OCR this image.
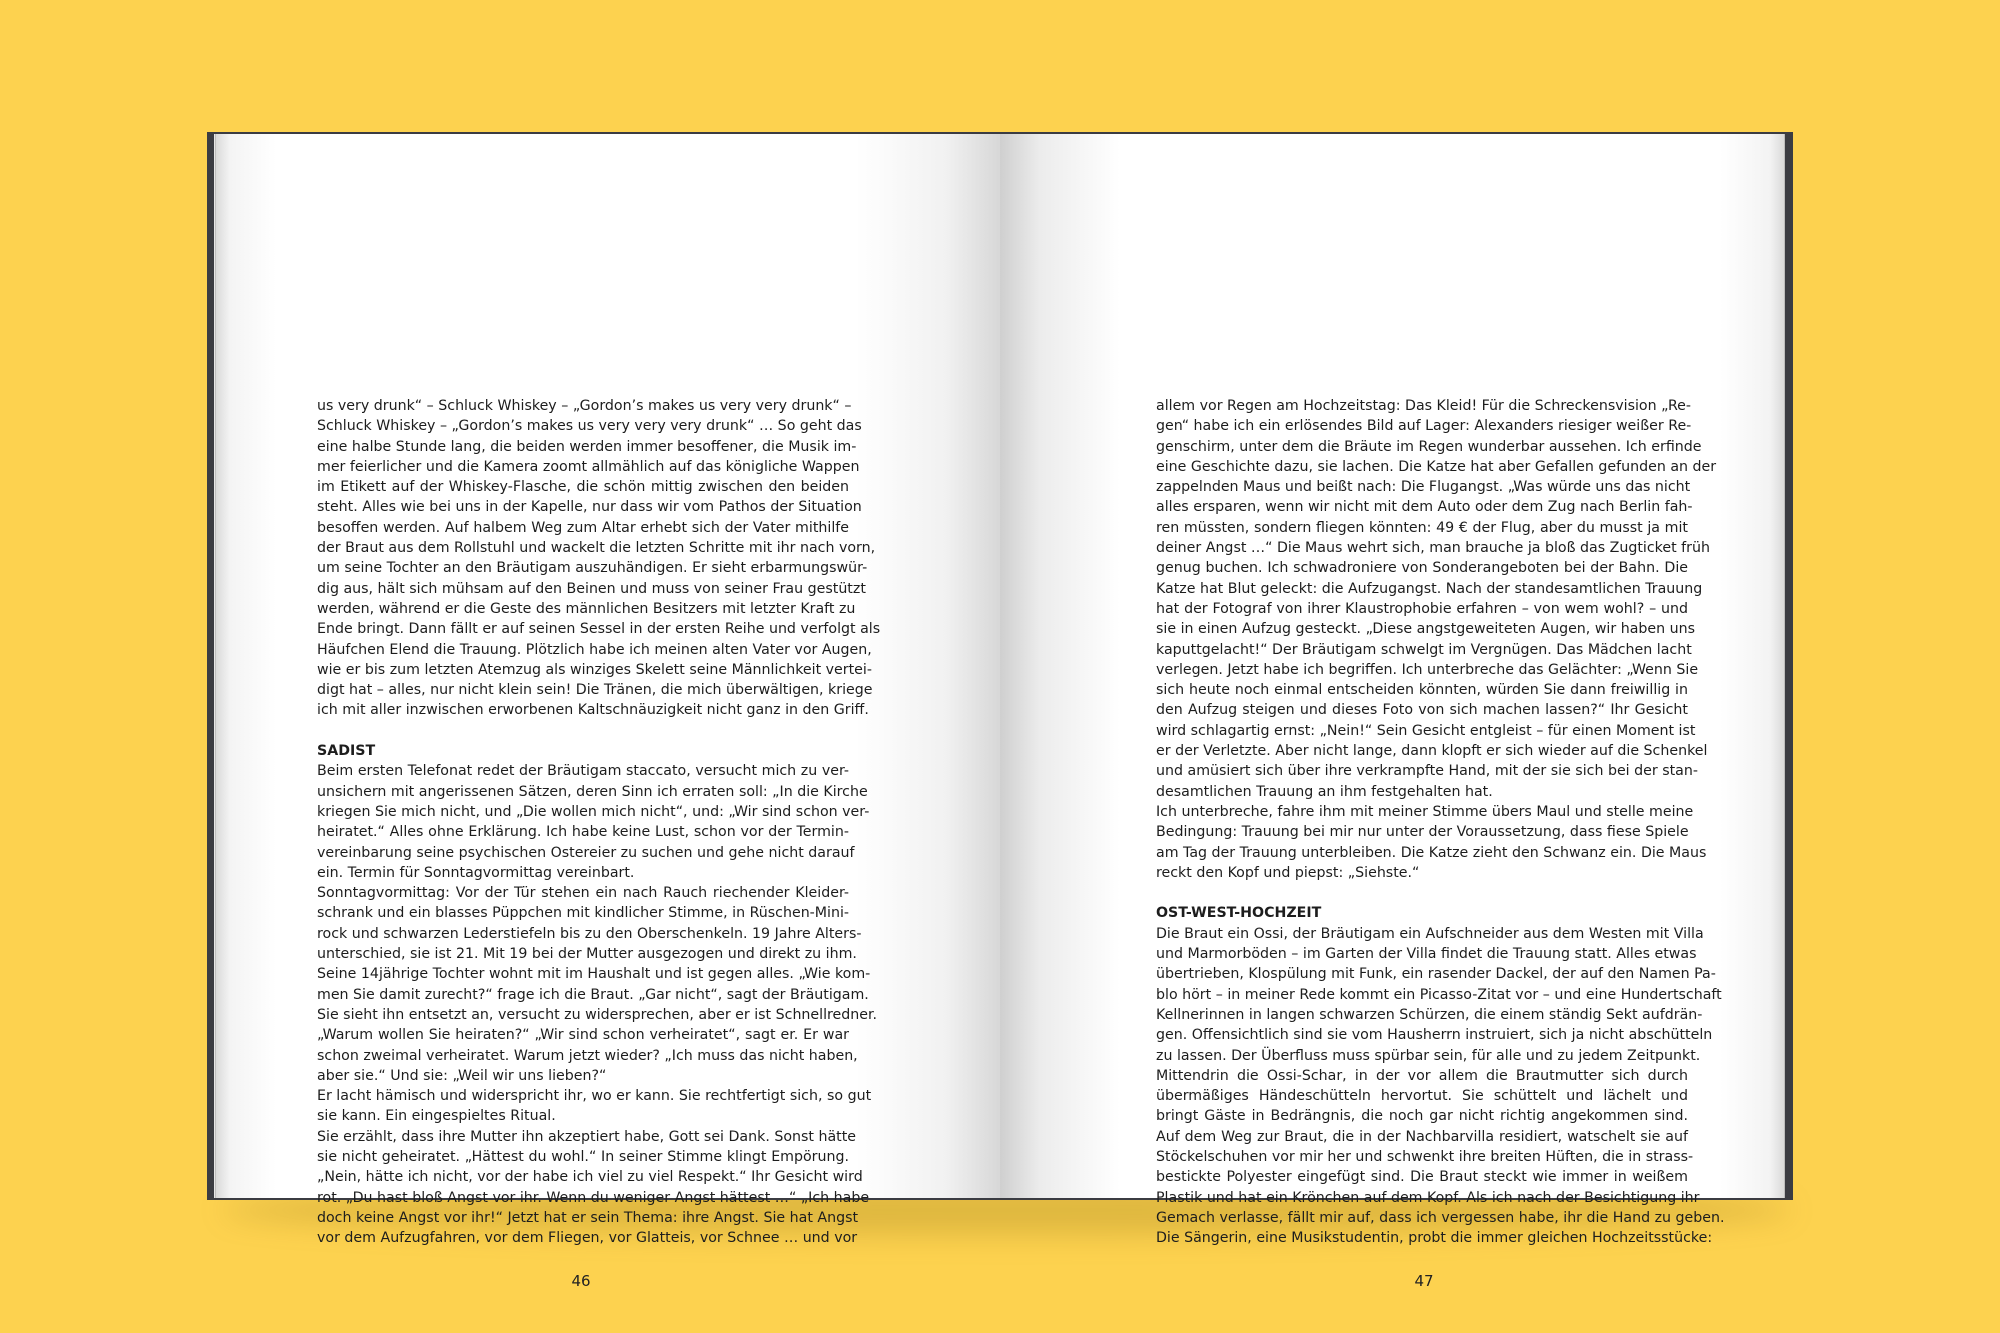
us very drunk“ – Schluck Whiskey – „Gordon’s makes us very very drunk“ –
Schluck Whiskey – „Gordon’s makes us very very very drunk“ … So geht das
eine halbe Stunde lang, die beiden werden immer besoffener, die Musik im-
mer feierlicher und die Kamera zoomt allmählich auf das königliche Wappen
im Etikett auf der Whiskey-Flasche, die schön mittig zwischen den beiden
steht. Alles wie bei uns in der Kapelle, nur dass wir vom Pathos der Situation
besoffen werden. Auf halbem Weg zum Altar erhebt sich der Vater mithilfe
der Braut aus dem Rollstuhl und wackelt die letzten Schritte mit ihr nach vorn,
um seine Tochter an den Bräutigam auszuhändigen. Er sieht erbarmungswür-
dig aus, hält sich mühsam auf den Beinen und muss von seiner Frau gestützt
werden, während er die Geste des männlichen Besitzers mit letzter Kraft zu
Ende bringt. Dann fällt er auf seinen Sessel in der ersten Reihe und verfolgt als
Häufchen Elend die Trauung. Plötzlich habe ich meinen alten Vater vor Augen,
wie er bis zum letzten Atemzug als winziges Skelett seine Männlichkeit vertei-
digt hat – alles, nur nicht klein sein! Die Tränen, die mich überwältigen, kriege
ich mit aller inzwischen erworbenen Kaltschnäuzigkeit nicht ganz in den Griff.
SADIST
Beim ersten Telefonat redet der Bräutigam staccato, versucht mich zu ver-
unsichern mit angerissenen Sätzen, deren Sinn ich erraten soll: „In die Kirche
kriegen Sie mich nicht, und „Die wollen mich nicht“, und: „Wir sind schon ver-
heiratet.“ Alles ohne Erklärung. Ich habe keine Lust, schon vor der Termin-
vereinbarung seine psychischen Ostereier zu suchen und gehe nicht darauf
ein. Termin für Sonntagvormittag vereinbart.
Sonntagvormittag: Vor der Tür stehen ein nach Rauch riechender Kleider-
schrank und ein blasses Püppchen mit kindlicher Stimme, in Rüschen-Mini-
rock und schwarzen Lederstiefeln bis zu den Oberschenkeln. 19 Jahre Alters-
unterschied, sie ist 21. Mit 19 bei der Mutter ausgezogen und direkt zu ihm.
Seine 14jährige Tochter wohnt mit im Haushalt und ist gegen alles. „Wie kom-
men Sie damit zurecht?“ frage ich die Braut. „Gar nicht“, sagt der Bräutigam.
Sie sieht ihn entsetzt an, versucht zu widersprechen, aber er ist Schnellredner.
„Warum wollen Sie heiraten?“ „Wir sind schon verheiratet“, sagt er. Er war
schon zweimal verheiratet. Warum jetzt wieder? „Ich muss das nicht haben,
aber sie.“ Und sie: „Weil wir uns lieben?“
Er lacht hämisch und widerspricht ihr, wo er kann. Sie rechtfertigt sich, so gut
sie kann. Ein eingespieltes Ritual.
Sie erzählt, dass ihre Mutter ihn akzeptiert habe, Gott sei Dank. Sonst hätte
sie nicht geheiratet. „Hättest du wohl.“ In seiner Stimme klingt Empörung.
„Nein, hätte ich nicht, vor der habe ich viel zu viel Respekt.“ Ihr Gesicht wird
rot. „Du hast bloß Angst vor ihr. Wenn du weniger Angst hättest …“ „Ich habe
doch keine Angst vor ihr!“ Jetzt hat er sein Thema: ihre Angst. Sie hat Angst
vor dem Aufzugfahren, vor dem Fliegen, vor Glatteis, vor Schnee … und vor
46
allem vor Regen am Hochzeitstag: Das Kleid! Für die Schreckensvision „Re-
gen“ habe ich ein erlösendes Bild auf Lager: Alexanders riesiger weißer Re-
genschirm, unter dem die Bräute im Regen wunderbar aussehen. Ich erfinde
eine Geschichte dazu, sie lachen. Die Katze hat aber Gefallen gefunden an der
zappelnden Maus und beißt nach: Die Flugangst. „Was würde uns das nicht
alles ersparen, wenn wir nicht mit dem Auto oder dem Zug nach Berlin fah-
ren müssten, sondern fliegen könnten: 49 € der Flug, aber du musst ja mit
deiner Angst …“ Die Maus wehrt sich, man brauche ja bloß das Zugticket früh
genug buchen. Ich schwadroniere von Sonderangeboten bei der Bahn. Die
Katze hat Blut geleckt: die Aufzugangst. Nach der standesamtlichen Trauung
hat der Fotograf von ihrer Klaustrophobie erfahren – von wem wohl? – und
sie in einen Aufzug gesteckt. „Diese angstgeweiteten Augen, wir haben uns
kaputtgelacht!“ Der Bräutigam schwelgt im Vergnügen. Das Mädchen lacht
verlegen. Jetzt habe ich begriffen. Ich unterbreche das Gelächter: „Wenn Sie
sich heute noch einmal entscheiden könnten, würden Sie dann freiwillig in
den Aufzug steigen und dieses Foto von sich machen lassen?“ Ihr Gesicht
wird schlagartig ernst: „Nein!“ Sein Gesicht entgleist – für einen Moment ist
er der Verletzte. Aber nicht lange, dann klopft er sich wieder auf die Schenkel
und amüsiert sich über ihre verkrampfte Hand, mit der sie sich bei der stan-
desamtlichen Trauung an ihm festgehalten hat.
Ich unterbreche, fahre ihm mit meiner Stimme übers Maul und stelle meine
Bedingung: Trauung bei mir nur unter der Voraussetzung, dass fiese Spiele
am Tag der Trauung unterbleiben. Die Katze zieht den Schwanz ein. Die Maus
reckt den Kopf und piepst: „Siehste.“
OST-WEST-HOCHZEIT
Die Braut ein Ossi, der Bräutigam ein Aufschneider aus dem Westen mit Villa
und Marmorböden – im Garten der Villa findet die Trauung statt. Alles etwas
übertrieben, Klospülung mit Funk, ein rasender Dackel, der auf den Namen Pa-
blo hört – in meiner Rede kommt ein Picasso-Zitat vor – und eine Hundertschaft
Kellnerinnen in langen schwarzen Schürzen, die einem ständig Sekt aufdrän-
gen. Offensichtlich sind sie vom Hausherrn instruiert, sich ja nicht abschütteln
zu lassen. Der Überfluss muss spürbar sein, für alle und zu jedem Zeitpunkt.
Mittendrin die Ossi-Schar, in der vor allem die Brautmutter sich durch
übermäßiges Händeschütteln hervortut. Sie schüttelt und lächelt und
bringt Gäste in Bedrängnis, die noch gar nicht richtig angekommen sind.
Auf dem Weg zur Braut, die in der Nachbarvilla residiert, watschelt sie auf
Stöckelschuhen vor mir her und schwenkt ihre breiten Hüften, die in strass-
bestickte Polyester eingefügt sind. Die Braut steckt wie immer in weißem
Plastik und hat ein Krönchen auf dem Kopf. Als ich nach der Besichtigung ihr
Gemach verlasse, fällt mir auf, dass ich vergessen habe, ihr die Hand zu geben.
Die Sängerin, eine Musikstudentin, probt die immer gleichen Hochzeitsstücke:
47
